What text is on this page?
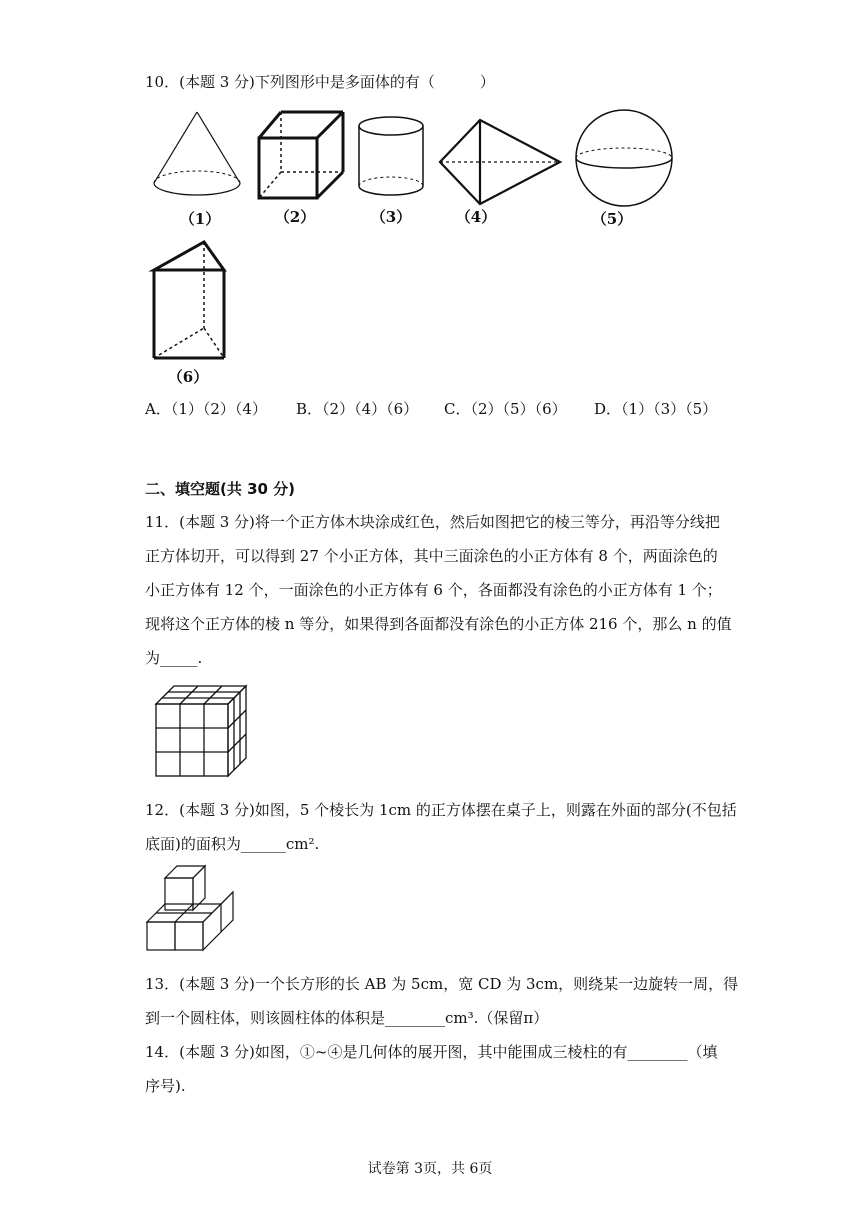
10．(本题 3 分)下列图形中是多面体的有（　　　）
（1）	（2）	（3）	（4）	（5）
（6）
A．（1）（2）（4） B．（2）（4）（6） C．（2）（5）（6） D．（1）（3）（5）
二、填空题(共 30 分)
11．(本题 3 分)将一个正方体木块涂成红色，然后如图把它的棱三等分，再沿等分线把
正方体切开，可以得到 27 个小正方体，其中三面涂色的小正方体有 8 个，两面涂色的
小正方体有 12 个，一面涂色的小正方体有 6 个，各面都没有涂色的小正方体有 1 个；
现将这个正方体的棱 n 等分，如果得到各面都没有涂色的小正方体 216 个，那么 n 的值
为_____.
12．(本题 3 分)如图，5 个棱长为 1cm 的正方体摆在桌子上，则露在外面的部分(不包括
底面)的面积为______cm².
13．(本题 3 分)一个长方形的长 AB 为 5cm，宽 CD 为 3cm，则绕某一边旋转一周，得
到一个圆柱体，则该圆柱体的体积是________cm³.（保留π）
14．(本题 3 分)如图，①~④是几何体的展开图，其中能围成三棱柱的有________（填
序号).
试卷第 3页，共 6页
